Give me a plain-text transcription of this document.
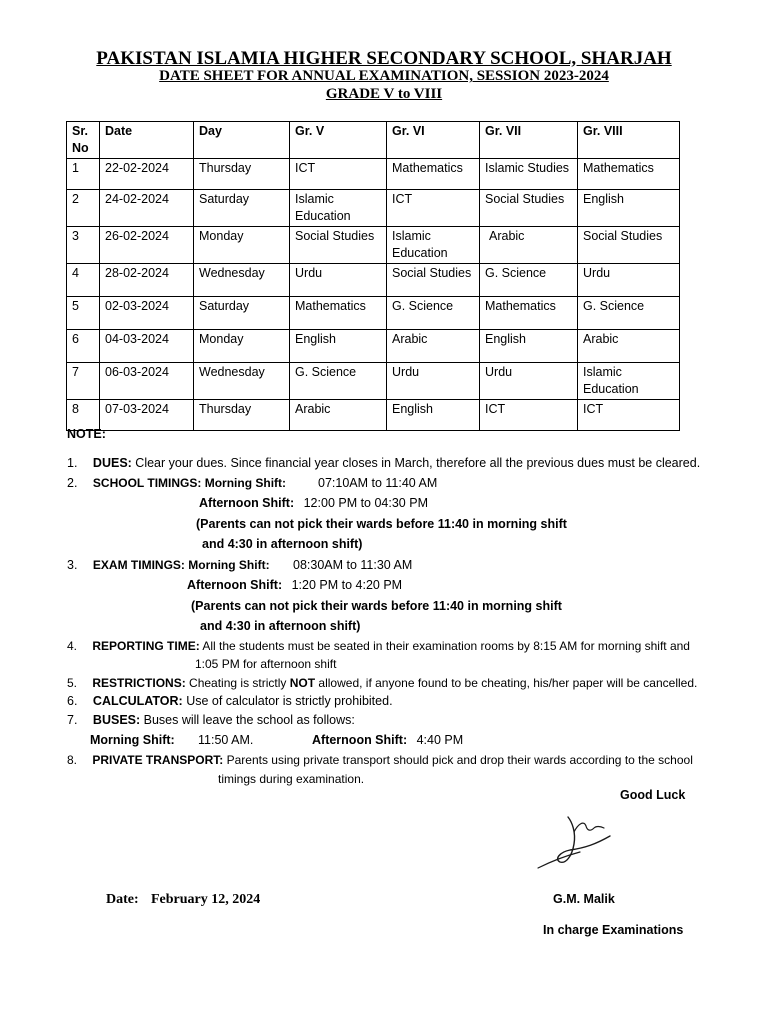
PAKISTAN ISLAMIA HIGHER SECONDARY SCHOOL, SHARJAH
DATE SHEET FOR ANNUAL EXAMINATION, SESSION 2023-2024
GRADE V to VIII
Sr. No	Date	Day	Gr. V	Gr. VI	Gr. VII	Gr. VIII
1	22-02-2024	Thursday	ICT	Mathematics	Islamic Studies	Mathematics
2	24-02-2024	Saturday	Islamic Education	ICT	Social Studies	English
3	26-02-2024	Monday	Social Studies	Islamic Education	Arabic	Social Studies
4	28-02-2024	Wednesday	Urdu	Social Studies	G. Science	Urdu
5	02-03-2024	Saturday	Mathematics	G. Science	Mathematics	G. Science
6	04-03-2024	Monday	English	Arabic	English	Arabic
7	06-03-2024	Wednesday	G. Science	Urdu	Urdu	Islamic Education
8	07-03-2024	Thursday	Arabic	English	ICT	ICT
NOTE:
1. DUES: Clear your dues. Since financial year closes in March, therefore all the previous dues must be cleared.
2. SCHOOL TIMINGS: Morning Shift:	07:10AM to 11:40 AM
Afternoon Shift: 12:00 PM to 04:30 PM
(Parents can not pick their wards before 11:40 in morning shift
and 4:30 in afternoon shift)
3. EXAM TIMINGS: Morning Shift: 08:30AM to 11:30 AM
Afternoon Shift: 1:20 PM to 4:20 PM
(Parents can not pick their wards before 11:40 in morning shift
and 4:30 in afternoon shift)
4. REPORTING TIME: All the students must be seated in their examination rooms by 8:15 AM for morning shift and
1:05 PM for afternoon shift
5. RESTRICTIONS: Cheating is strictly NOT allowed, if anyone found to be cheating, his/her paper will be cancelled.
6. CALCULATOR: Use of calculator is strictly prohibited.
7. BUSES: Buses will leave the school as follows:
Morning Shift: 11:50 AM.	Afternoon Shift: 4:40 PM
8. PRIVATE TRANSPORT: Parents using private transport should pick and drop their wards according to the school
timings during examination.
Good Luck
Date: February 12, 2024	G.M. Malik
In charge Examinations
